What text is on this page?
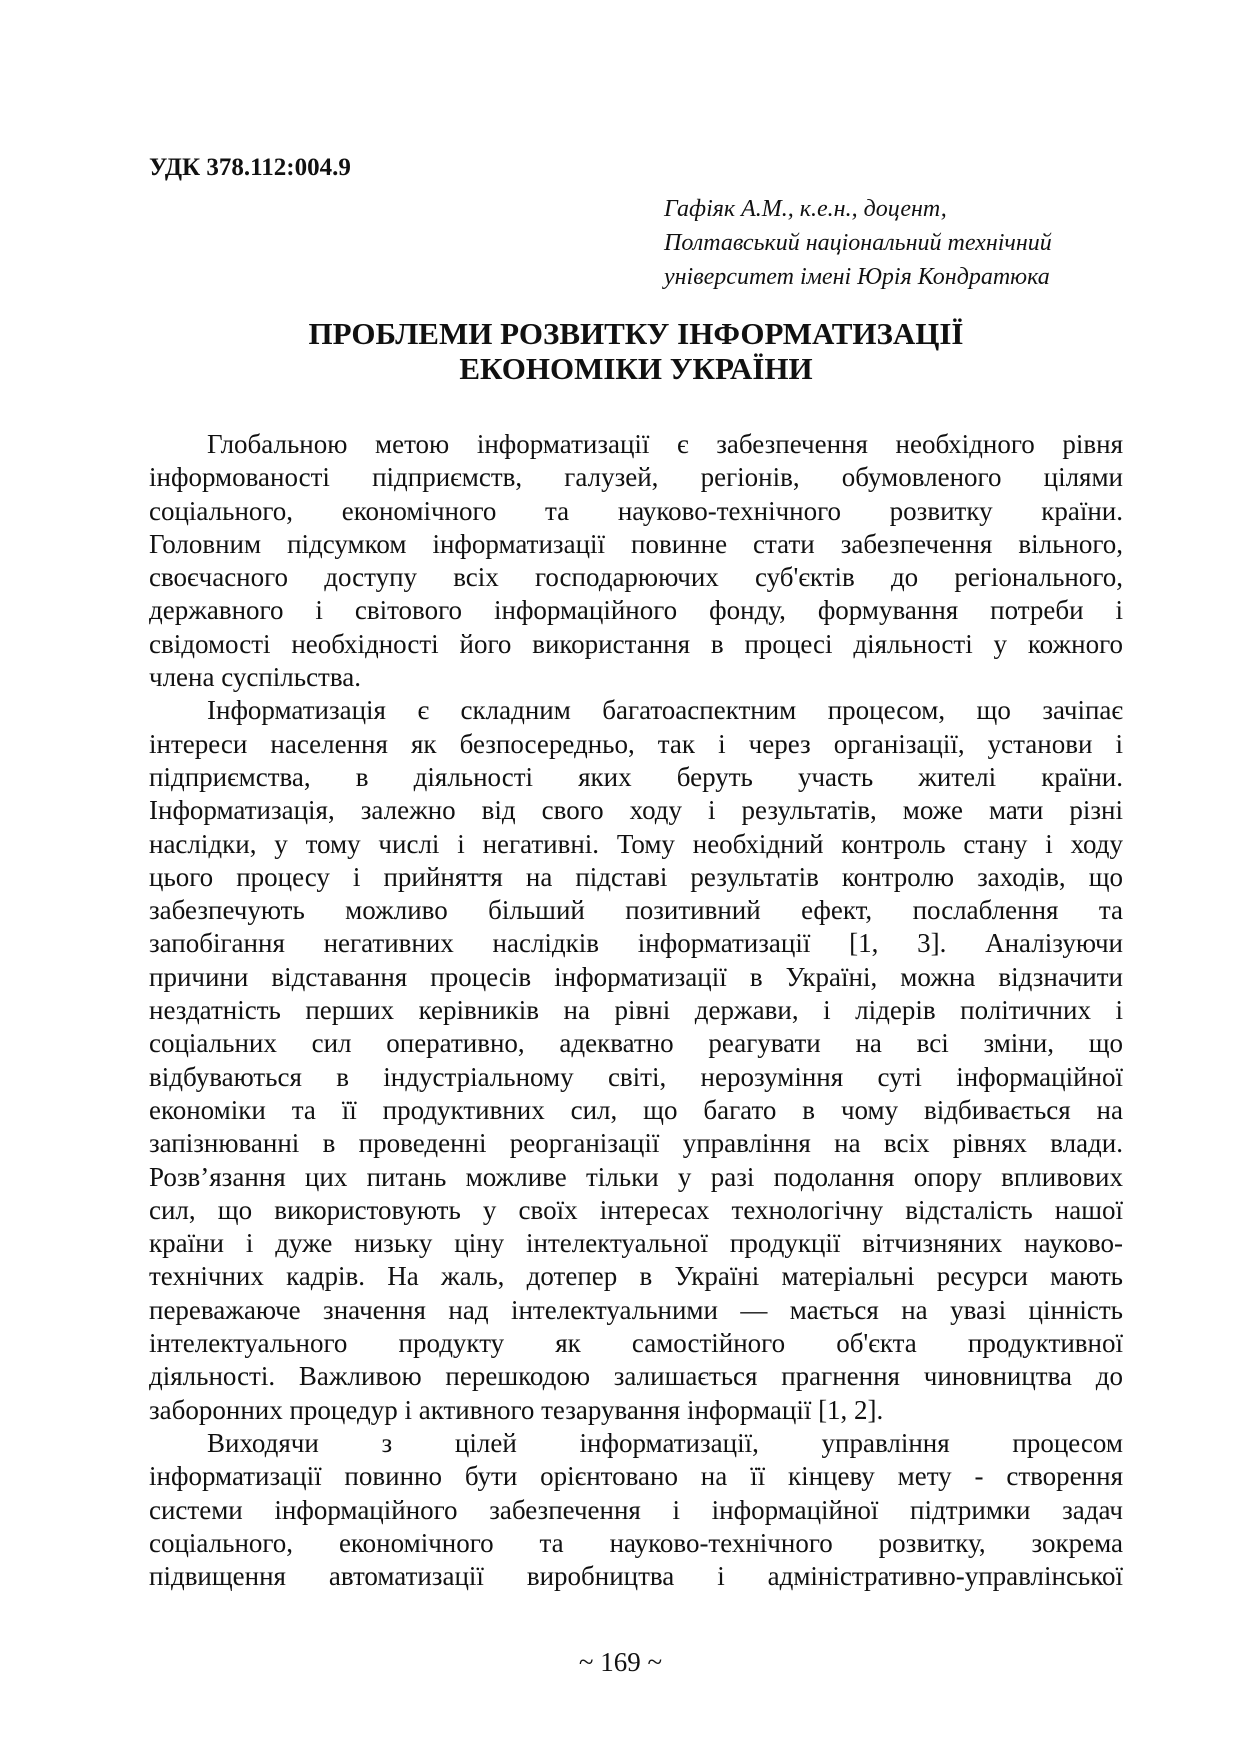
УДК 378.112:004.9
Гафіяк А.М., к.е.н., доцент,
Полтавський національний технічний
університет імені Юрія Кондратюка
ПРОБЛЕМИ РОЗВИТКУ ІНФОРМАТИЗАЦІЇ
ЕКОНОМІКИ УКРАЇНИ
Глобальною метою інформатизації є забезпечення необхідного рівня
інформованості підприємств, галузей, регіонів, обумовленого цілями
соціального, економічного та науково-технічного розвитку країни.
Головним підсумком інформатизації повинне стати забезпечення вільного,
своєчасного доступу всіх господарюючих суб'єктів до регіонального,
державного і світового інформаційного фонду, формування потреби і
свідомості необхідності його використання в процесі діяльності у кожного
члена суспільства.
Інформатизація є складним багатоаспектним процесом, що зачіпає
інтереси населення як безпосередньо, так і через організації, установи і
підприємства, в діяльності яких беруть участь жителі країни.
Інформатизація, залежно від свого ходу і результатів, може мати різні
наслідки, у тому числі і негативні. Тому необхідний контроль стану і ходу
цього процесу і прийняття на підставі результатів контролю заходів, що
забезпечують можливо більший позитивний ефект, послаблення та
запобігання негативних наслідків інформатизації [1, 3]. Аналізуючи
причини відставання процесів інформатизації в Україні, можна відзначити
нездатність перших керівників на рівні держави, і лідерів політичних і
соціальних сил оперативно, адекватно реагувати на всі зміни, що
відбуваються в індустріальному світі, нерозуміння суті інформаційної
економіки та її продуктивних сил, що багато в чому відбивається на
запізнюванні в проведенні реорганізації управління на всіх рівнях влади.
Розв’язання цих питань можливе тільки у разі подолання опору впливових
сил, що використовують у своїх інтересах технологічну відсталість нашої
країни і дуже низьку ціну інтелектуальної продукції вітчизняних науково-
технічних кадрів. На жаль, дотепер в Україні матеріальні ресурси мають
переважаюче значення над інтелектуальними — мається на увазі цінність
інтелектуального продукту як самостійного об'єкта продуктивної
діяльності. Важливою перешкодою залишається прагнення чиновництва до
заборонних процедур і активного тезарування інформації [1, 2].
Виходячи з цілей інформатизації, управління процесом
інформатизації повинно бути орієнтовано на її кінцеву мету - створення
системи інформаційного забезпечення і інформаційної підтримки задач
соціального, економічного та науково-технічного розвитку, зокрема
підвищення автоматизації виробництва і адміністративно-управлінської
~ 169 ~
